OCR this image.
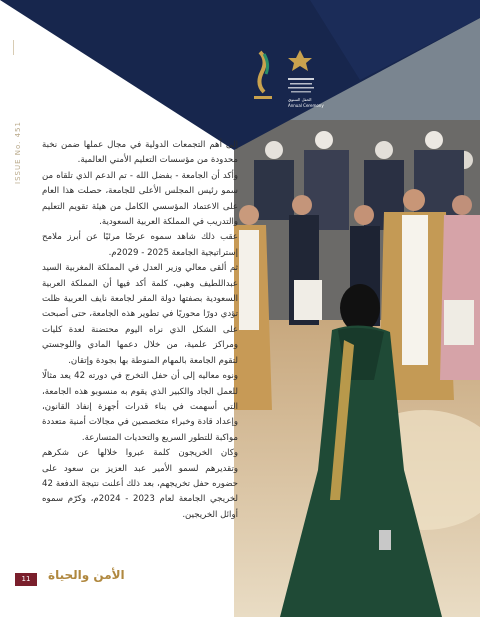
الحفل السنوي
Annual Ceremony
ISSUE No. 451 إلى أهم التجمعات الدولية في مجال عملها ضمن نخبة محدودة من مؤسسات التعليم الأمني العالمية.

وأكد أن الجامعة - بفضل الله - تم الدعم الذي تلقاه من سمو رئيس المجلس الأعلى للجامعة، حصلت هذا العام على الاعتماد المؤسسي الكامل من هيئة تقويم التعليم والتدريب في المملكة العربية السعودية.

عقب ذلك شاهد سموه عرضًا مرئيًا عن أبرز ملامح إستراتيجية الجامعة 2025 - 2029م.

ثم ألقى معالي وزير العدل في المملكة المغربية السيد عبداللطيف وهبي، كلمة أكد فيها أن المملكة العربية السعودية بصفتها دولة المقر لجامعة نايف العربية ظلت تؤدي دورًا محوريًا في تطوير هذه الجامعة، حتى أصبحت على الشكل الذي نراه اليوم محتضنة لعدة كليات ومراكز علمية، من خلال دعمها المادي واللوجستي لتقوم الجامعة بالمهام المنوطة بها بجودة وإتقان.

ونوه معاليه إلى أن حفل التخرج في دورته 42 يعد مثالًا للعمل الجاد والكبير الذي يقوم به منسوبو هذه الجامعة، التي أسهمت في بناء قدرات أجهزة إنفاذ القانون، وإعداد قادة وخبراء متخصصين في مجالات أمنية متعددة مواكبة للتطور السريع والتحديات المتسارعة.

وكان الخريجون كلمة عبروا خلالها عن شكرهم وتقديرهم لسمو الأمير عبد العزيز بن سعود على حضوره حفل تخريجهم، بعد ذلك أعلنت نتيجة الدفعة 42 لخريجي الجامعة لعام 2023 - 2024م، وكرّم سموه أوائل الخريجين.

11	الأمن والحياة
